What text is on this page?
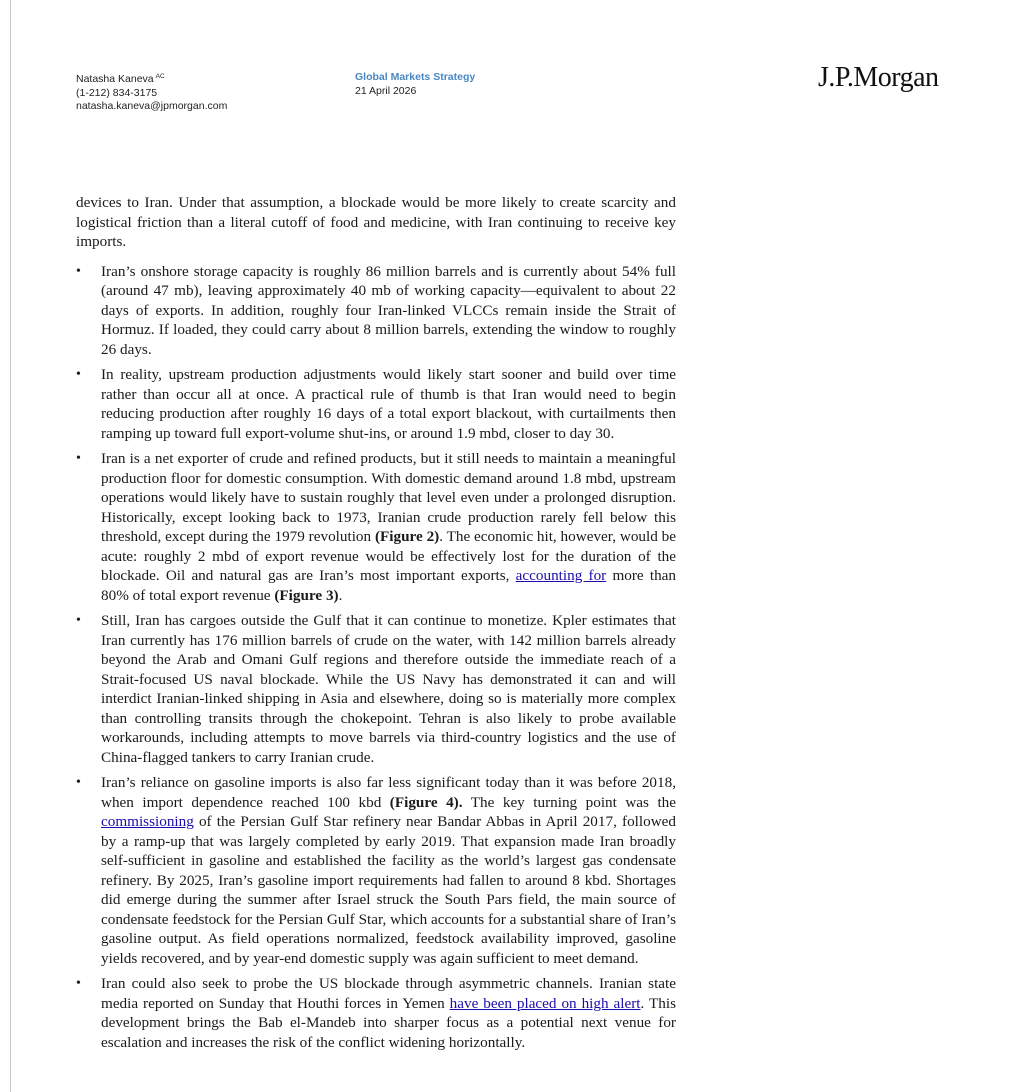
Natasha Kaneva $^{AC}$
(1-212) 834-3175
natasha.kaneva@jpmorgan.com
Global Markets Strategy
21 April 2026	J.P.Morgan

devices to Iran. Under that assumption, a blockade would be more likely to create scarcity and logistical friction than a literal cutoff of food and medicine, with Iran continuing to receive key imports.

• Iran’s onshore storage capacity is roughly 86 million barrels and is currently about 54% full (around 47 mb), leaving approximately 40 mb of working capacity—equivalent to about 22 days of exports. In addition, roughly four Iran-linked VLCCs remain inside the Strait of Hormuz. If loaded, they could carry about 8 million barrels, extending the window to roughly 26 days.
• In reality, upstream production adjustments would likely start sooner and build over time rather than occur all at once. A practical rule of thumb is that Iran would need to begin reducing production after roughly 16 days of a total export blackout, with curtailments then ramping up toward full export-volume shut-ins, or around 1.9 mbd, closer to day 30.
• Iran is a net exporter of crude and refined products, but it still needs to maintain a meaningful production floor for domestic consumption. With domestic demand around 1.8 mbd, upstream operations would likely have to sustain roughly that level even under a prolonged disruption. Historically, except looking back to 1973, Iranian crude production rarely fell below this threshold, except during the 1979 revolution (Figure 2). The economic hit, however, would be acute: roughly 2 mbd of export revenue would be effectively lost for the duration of the blockade. Oil and natural gas are Iran’s most important exports, accounting for more than 80% of total export revenue (Figure 3).
• Still, Iran has cargoes outside the Gulf that it can continue to monetize. Kpler estimates that Iran currently has 176 million barrels of crude on the water, with 142 million barrels already beyond the Arab and Omani Gulf regions and therefore outside the immediate reach of a Strait-focused US naval blockade. While the US Navy has demonstrated it can and will interdict Iranian-linked shipping in Asia and elsewhere, doing so is materially more complex than controlling transits through the chokepoint. Tehran is also likely to probe available workarounds, including attempts to move barrels via third-country logistics and the use of China-flagged tankers to carry Iranian crude.
• Iran’s reliance on gasoline imports is also far less significant today than it was before 2018, when import dependence reached 100 kbd (Figure 4). The key turning point was the commissioning of the Persian Gulf Star refinery near Bandar Abbas in April 2017, followed by a ramp-up that was largely completed by early 2019. That expansion made Iran broadly self-sufficient in gasoline and established the facility as the world’s largest gas condensate refinery. By 2025, Iran’s gasoline import requirements had fallen to around 8 kbd. Shortages did emerge during the summer after Israel struck the South Pars field, the main source of condensate feedstock for the Persian Gulf Star, which accounts for a substantial share of Iran’s gasoline output. As field operations normalized, feedstock availability improved, gasoline yields recovered, and by year-end domestic supply was again sufficient to meet demand.
• Iran could also seek to probe the US blockade through asymmetric channels. Iranian state media reported on Sunday that Houthi forces in Yemen have been placed on high alert. This development brings the Bab el-Mandeb into sharper focus as a potential next venue for escalation and increases the risk of the conflict widening horizontally.
